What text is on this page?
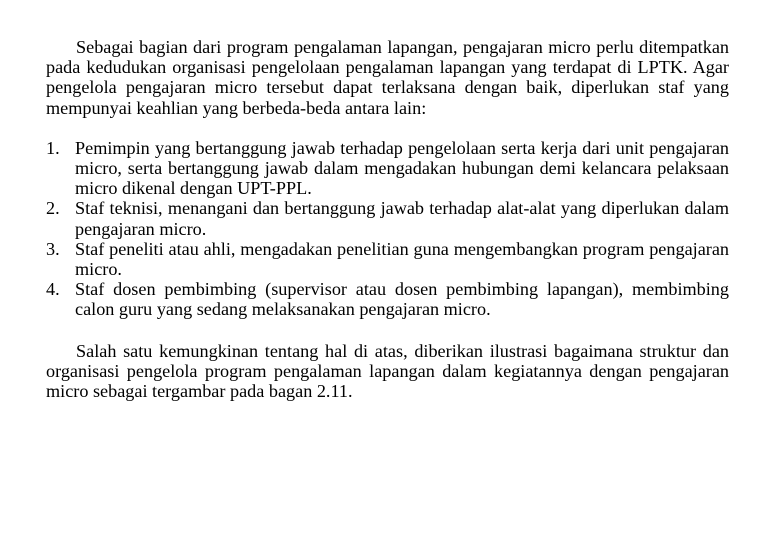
Sebagai bagian dari program pengalaman lapangan, pengajaran micro perlu ditempatkan pada kedudukan organisasi pengelolaan pengalaman lapangan yang terdapat di LPTK. Agar pengelola pengajaran micro tersebut dapat terlaksana dengan baik, diperlukan staf yang mempunyai keahlian yang berbeda-beda antara lain:

1. Pemimpin yang bertanggung jawab terhadap pengelolaan serta kerja dari unit pengajaran micro, serta bertanggung jawab dalam mengadakan hubungan demi kelancara pelaksaan micro dikenal dengan UPT-PPL.
2. Staf teknisi, menangani dan bertanggung jawab terhadap alat-alat yang diperlukan dalam pengajaran micro.
3. Staf peneliti atau ahli, mengadakan penelitian guna mengembangkan program pengajaran micro.
4. Staf dosen pembimbing (supervisor atau dosen pembimbing lapangan), membimbing calon guru yang sedang melaksanakan pengajaran micro.

Salah satu kemungkinan tentang hal di atas, diberikan ilustrasi bagaimana struktur dan organisasi pengelola program pengalaman lapangan dalam kegiatannya dengan pengajaran micro sebagai tergambar pada bagan 2.11.
